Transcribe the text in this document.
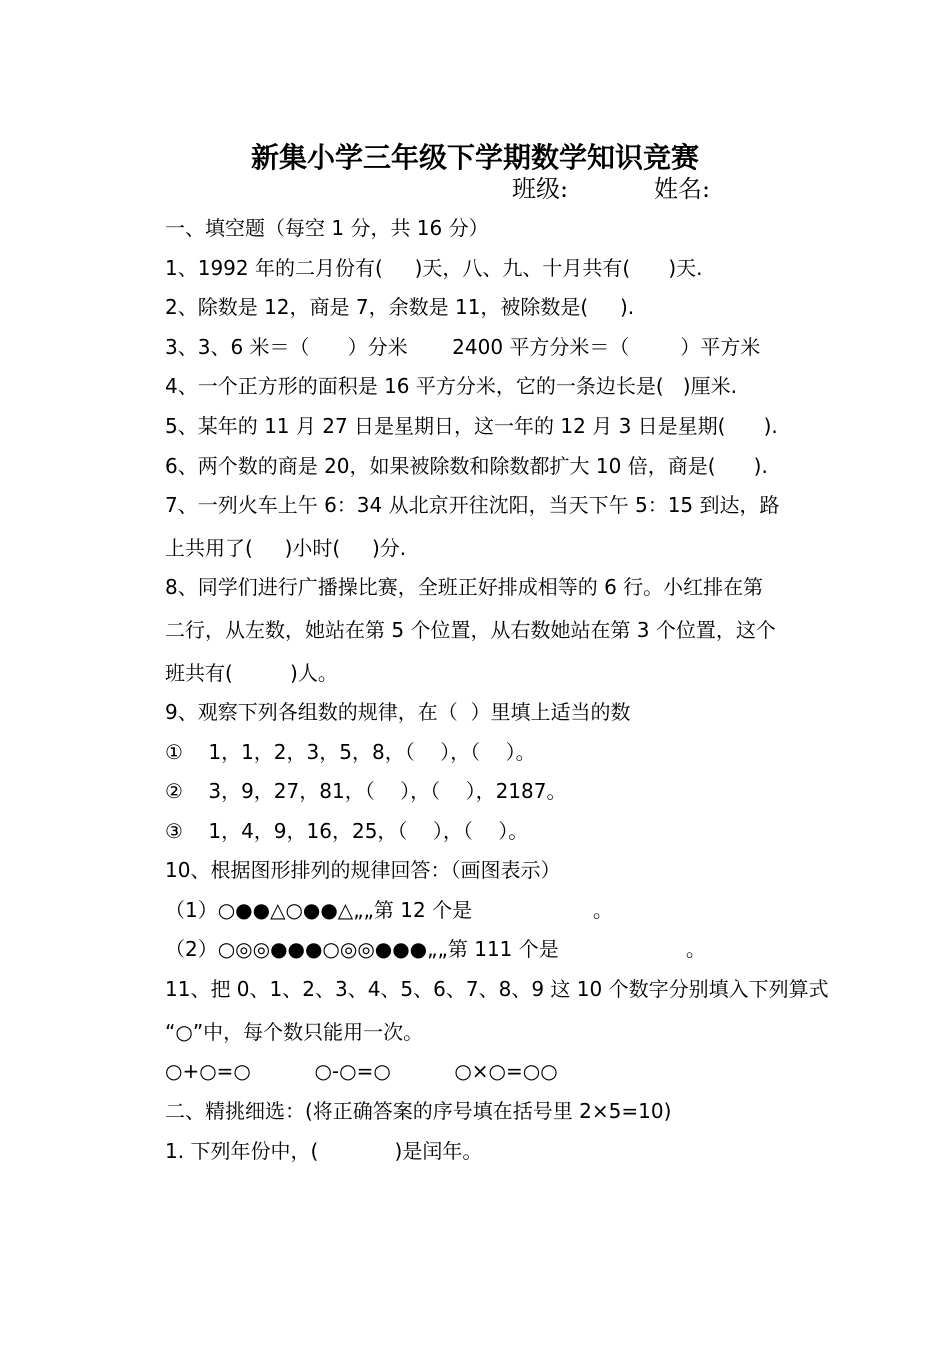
新集小学三年级下学期数学知识竞赛
班级:	姓名:
一、填空题（每空 1 分，共 16 分）
1、1992 年的二月份有(     )天，八、九、十月共有(      )天.
2、除数是 12，商是 7，余数是 11，被除数是(     ).
3、3、6 米＝（      ）分米       2400 平方分米＝（        ）平方米
4、一个正方形的面积是 16 平方分米，它的一条边长是(   )厘米.
5、某年的 11 月 27 日是星期日，这一年的 12 月 3 日是星期(      ).
6、两个数的商是 20，如果被除数和除数都扩大 10 倍，商是(      ).
7、一列火车上午 6：34 从北京开往沈阳，当天下午 5：15 到达，路
上共用了(     )小时(     )分.
8、同学们进行广播操比赛，全班正好排成相等的 6 行。小红排在第
二行，从左数，她站在第 5 个位置，从右数她站在第 3 个位置，这个
班共有(         )人。
9、观察下列各组数的规律，在（  ）里填上适当的数
①    1，1，2，3，5，8，（    ），（    ）。
②    3，9，27，81，（    ），（    ），2187。
③    1，4，9，16，25，（    ），（    ）。
10、根据图形排列的规律回答：（画图表示）
（1）○●●△○●●△„„第 12 个是                   。
（2）○◎◎●●●○◎◎●●●„„第 111 个是                    。
11、把 0、1、2、3、4、5、6、7、8、9 这 10 个数字分别填入下列算式
“○”中，每个数只能用一次。
○+○=○          ○-○=○          ○×○=○○
二、精挑细选：(将正确答案的序号填在括号里 2×5=10)
1. 下列年份中，(            )是闰年。
